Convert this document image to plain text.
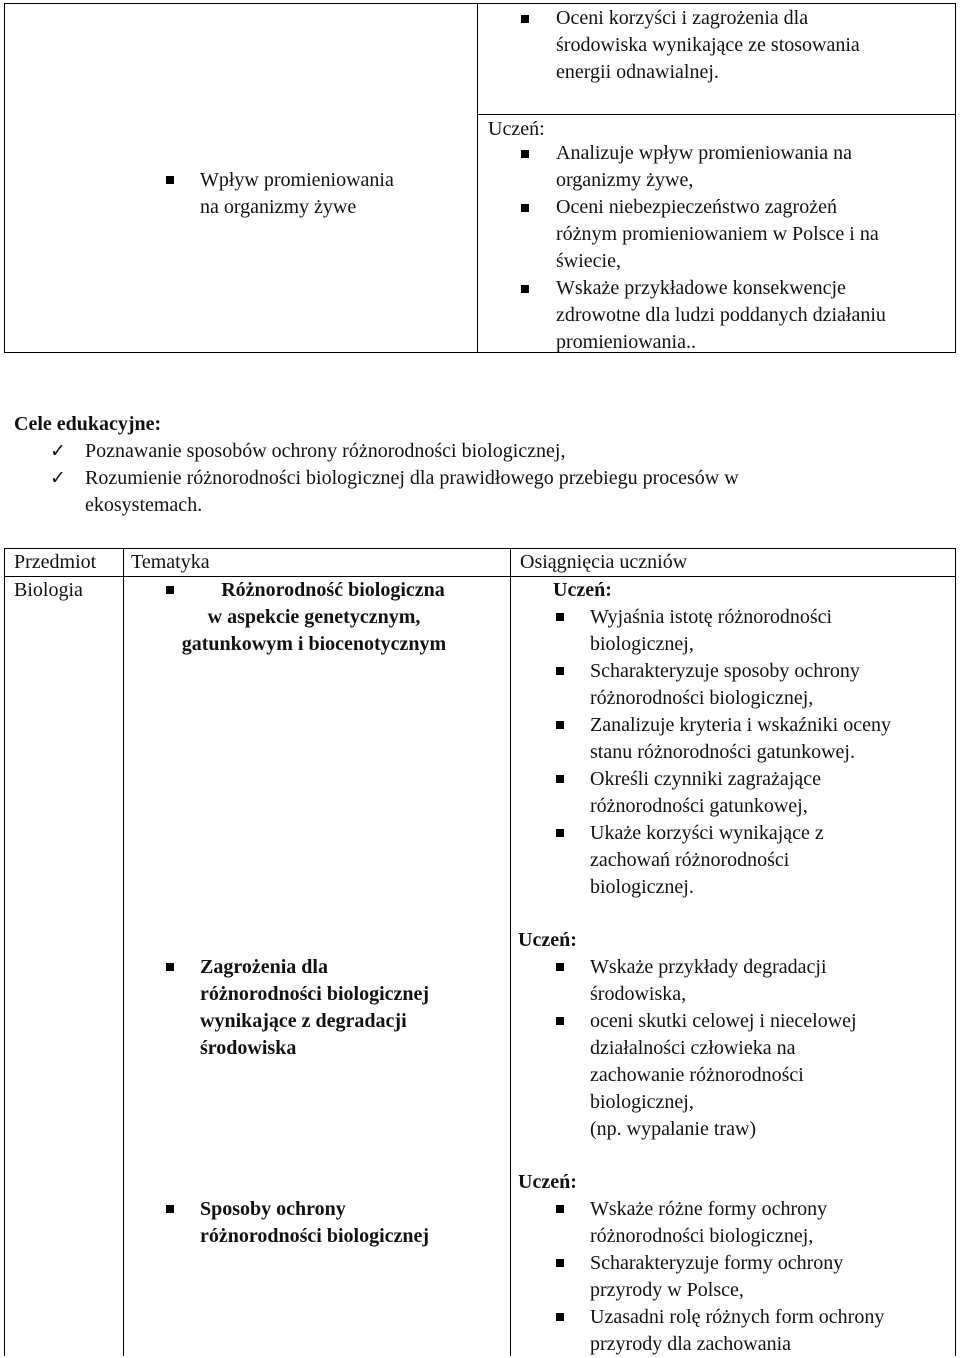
Oceni korzyści i zagrożenia dla
środowiska wynikające ze stosowania
energii odnawialnej.
Wpływ promieniowania
na organizmy żywe
Uczeń:
Analizuje wpływ promieniowania na
organizmy żywe,
Oceni niebezpieczeństwo zagrożeń
różnym promieniowaniem w Polsce i na
świecie,
Wskaże przykładowe konsekwencje
zdrowotne dla ludzi poddanych działaniu
promieniowania..
Cele edukacyjne:
✓ Poznawanie sposobów ochrony różnorodności biologicznej,
✓ Rozumienie różnorodności biologicznej dla prawidłowego przebiegu procesów w
ekosystemach.
Przedmiot Tematyka	Osiągnięcia uczniów
Biologia	Różnorodność biologiczna
w aspekcie genetycznym,
gatunkowym i biocenotycznym
Uczeń:
Wyjaśnia istotę różnorodności
biologicznej,
Scharakteryzuje sposoby ochrony
różnorodności biologicznej,
Zanalizuje kryteria i wskaźniki oceny
stanu różnorodności gatunkowej.
Określi czynniki zagrażające
różnorodności gatunkowej,
Ukaże korzyści wynikające z
zachowań różnorodności
biologicznej.
Zagrożenia dla
różnorodności biologicznej
wynikające z degradacji
środowiska
Uczeń:
Wskaże przykłady degradacji
środowiska,
oceni skutki celowej i niecelowej
działalności człowieka na
zachowanie różnorodności
biologicznej,
(np. wypalanie traw)
Sposoby ochrony
różnorodności biologicznej
Uczeń:
Wskaże różne formy ochrony
różnorodności biologicznej,
Scharakteryzuje formy ochrony
przyrody w Polsce,
Uzasadni rolę różnych form ochrony
przyrody dla zachowania
